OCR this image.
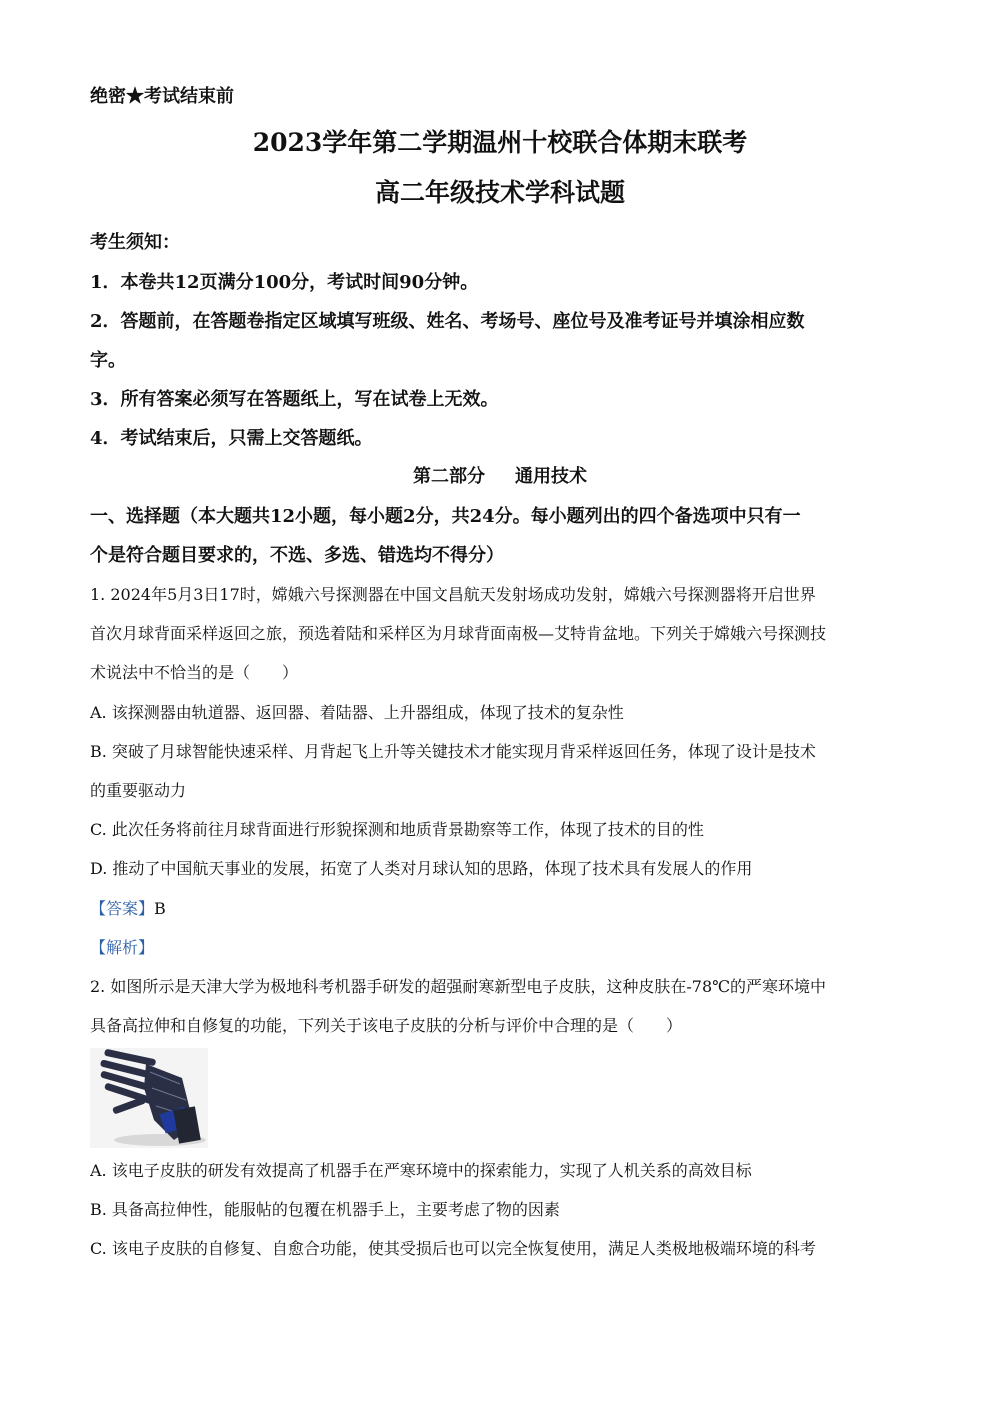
绝密★考试结束前
2023学年第二学期温州十校联合体期末联考
高二年级技术学科试题
考生须知：
1．本卷共12页满分100分，考试时间90分钟。
2．答题前，在答题卷指定区域填写班级、姓名、考场号、座位号及准考证号并填涂相应数
字。
3．所有答案必须写在答题纸上，写在试卷上无效。
4．考试结束后，只需上交答题纸。
第二部分 通用技术
一、选择题（本大题共12小题，每小题2分，共24分。每小题列出的四个备选项中只有一
个是符合题目要求的，不选、多选、错选均不得分）
1. 2024年5月3日17时，嫦娥六号探测器在中国文昌航天发射场成功发射，嫦娥六号探测器将开启世界
首次月球背面采样返回之旅，预选着陆和采样区为月球背面南极—艾特肯盆地。下列关于嫦娥六号探测技
术说法中不恰当的是（　　）
A. 该探测器由轨道器、返回器、着陆器、上升器组成，体现了技术的复杂性
B. 突破了月球智能快速采样、月背起飞上升等关键技术才能实现月背采样返回任务，体现了设计是技术
的重要驱动力
C. 此次任务将前往月球背面进行形貌探测和地质背景勘察等工作，体现了技术的目的性
D. 推动了中国航天事业的发展，拓宽了人类对月球认知的思路，体现了技术具有发展人的作用
【答案】B
【解析】
2. 如图所示是天津大学为极地科考机器手研发的超强耐寒新型电子皮肤，这种皮肤在-78℃的严寒环境中
具备高拉伸和自修复的功能，下列关于该电子皮肤的分析与评价中合理的是（　　）
A. 该电子皮肤的研发有效提高了机器手在严寒环境中的探索能力，实现了人机关系的高效目标
B. 具备高拉伸性，能服帖的包覆在机器手上，主要考虑了物的因素
C. 该电子皮肤的自修复、自愈合功能，使其受损后也可以完全恢复使用，满足人类极地极端环境的科考
